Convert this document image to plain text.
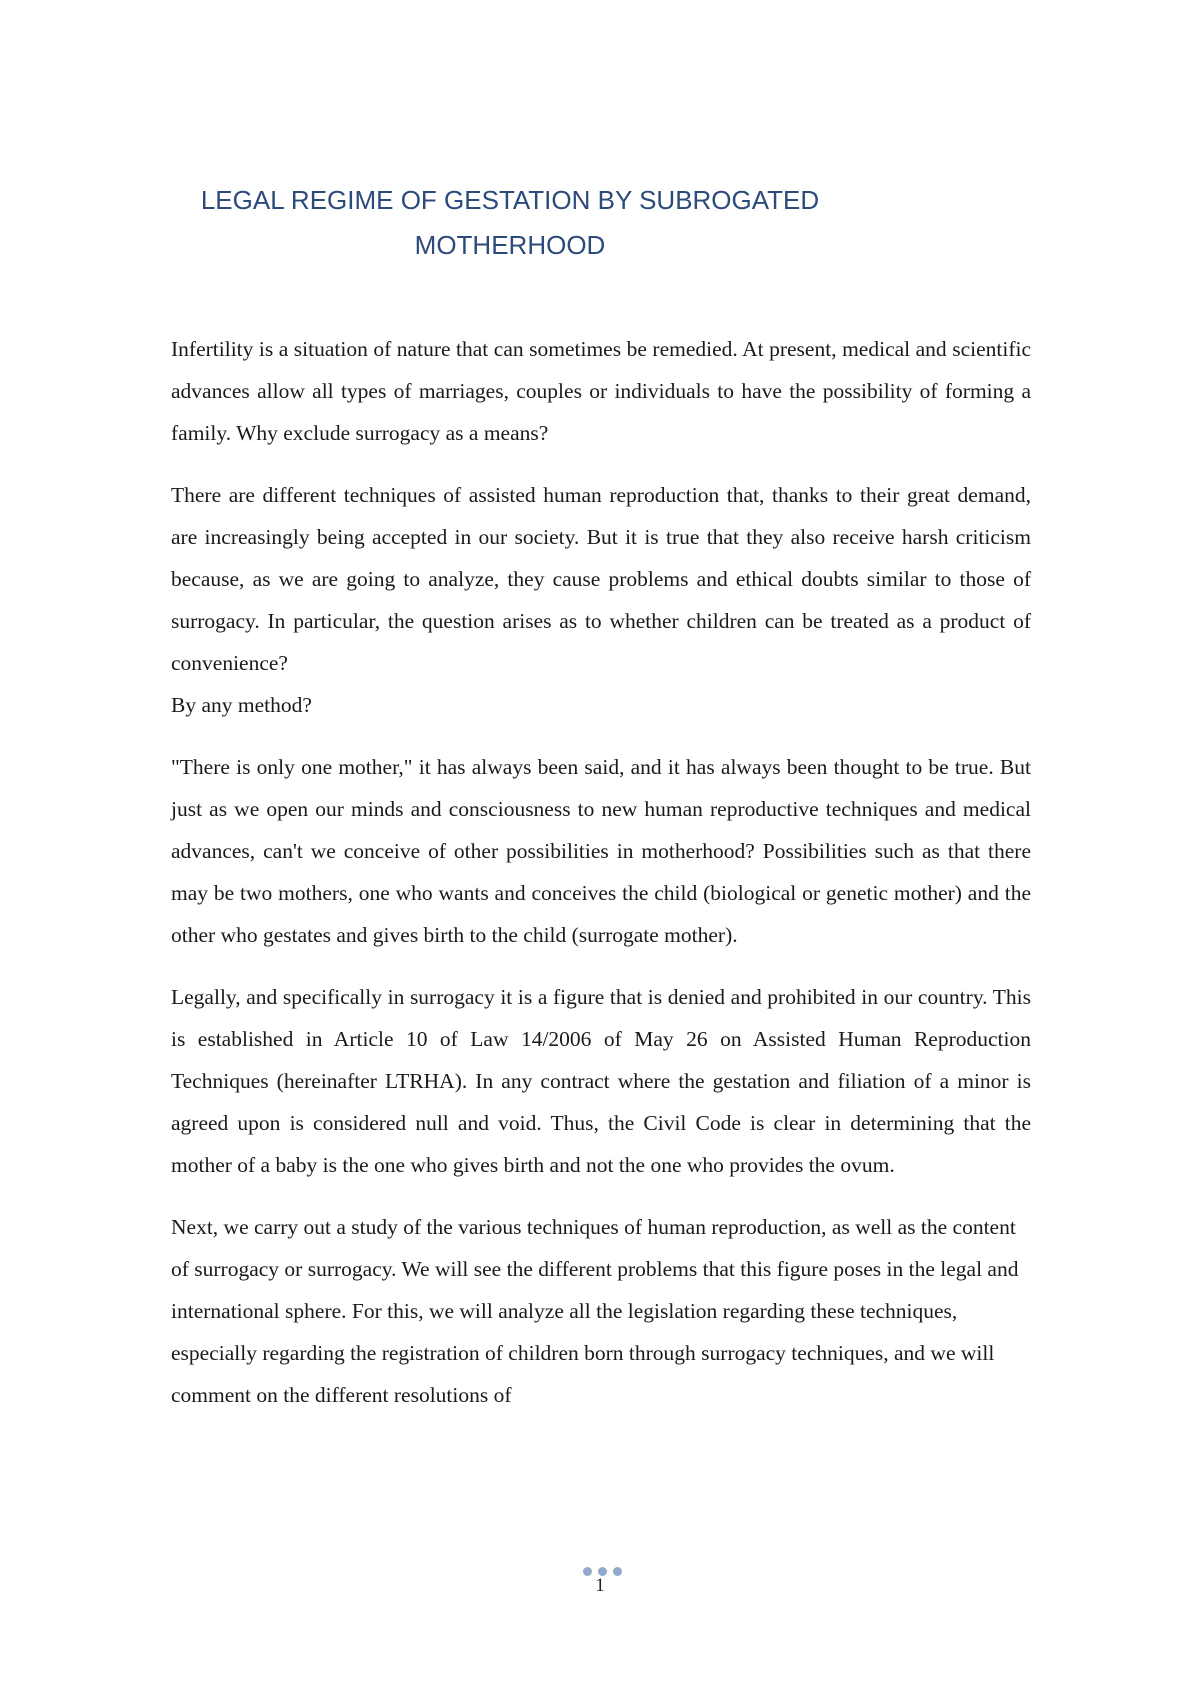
LEGAL REGIME OF GESTATION BY SUBROGATED
MOTHERHOOD

Infertility is a situation of nature that can sometimes be remedied. At present, medical and scientific advances allow all types of marriages, couples or individuals to have the possibility of forming a family. Why exclude surrogacy as a means?

There are different techniques of assisted human reproduction that, thanks to their great demand, are increasingly being accepted in our society. But it is true that they also receive harsh criticism because, as we are going to analyze, they cause problems and ethical doubts similar to those of surrogacy. In particular, the question arises as to whether children can be treated as a product of convenience?

By any method?

"There is only one mother," it has always been said, and it has always been thought to be true. But just as we open our minds and consciousness to new human reproductive techniques and medical advances, can't we conceive of other possibilities in motherhood? Possibilities such as that there may be two mothers, one who wants and conceives the child (biological or genetic mother) and the other who gestates and gives birth to the child (surrogate mother).

Legally, and specifically in surrogacy it is a figure that is denied and prohibited in our country. This is established in Article 10 of Law 14/2006 of May 26 on Assisted Human Reproduction Techniques (hereinafter LTRHA). In any contract where the gestation and filiation of a minor is agreed upon is considered null and void. Thus, the Civil Code is clear in determining that the mother of a baby is the one who gives birth and not the one who provides the ovum.

Next, we carry out a study of the various techniques of human reproduction, as well as the content of surrogacy or surrogacy. We will see the different problems that this figure poses in the legal and international sphere. For this, we will analyze all the legislation regarding these techniques, especially regarding the registration of children born through surrogacy techniques, and we will comment on the different resolutions of

1
